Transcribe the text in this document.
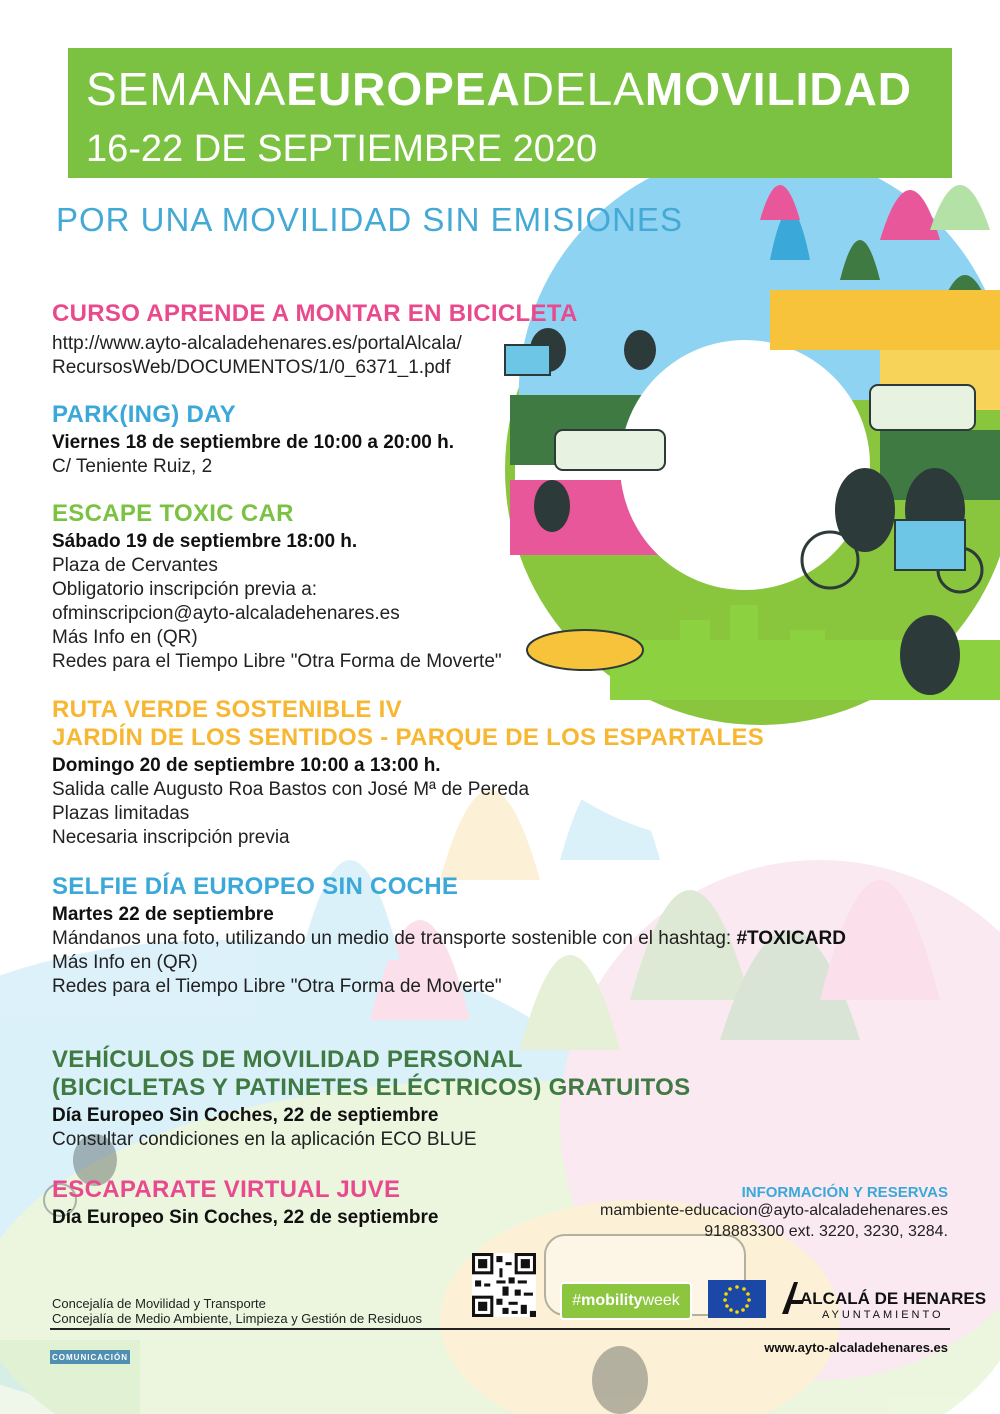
SEMANAEUROPEADELAMOVILIDAD
16-22 DE SEPTIEMBRE 2020
POR UNA MOVILIDAD SIN EMISIONES
CURSO APRENDE A MONTAR EN BICICLETA
http://www.ayto-alcaladehenares.es/portalAlcala/
RecursosWeb/DOCUMENTOS/1/0_6371_1.pdf
PARK(ING) DAY
Viernes 18 de septiembre de 10:00 a 20:00 h.
C/ Teniente Ruiz, 2
ESCAPE TOXIC CAR
Sábado 19 de septiembre 18:00 h.
Plaza de Cervantes
Obligatorio inscripción previa a:
ofminscripcion@ayto-alcaladehenares.es
Más Info en (QR)
Redes para el Tiempo Libre "Otra Forma de Moverte"
RUTA VERDE SOSTENIBLE IV
JARDÍN DE LOS SENTIDOS - PARQUE DE LOS ESPARTALES
Domingo 20 de septiembre 10:00 a 13:00 h.
Salida calle Augusto Roa Bastos con José Mª de Pereda
Plazas limitadas
Necesaria inscripción previa
SELFIE DÍA EUROPEO SIN COCHE
Martes 22 de septiembre
Mándanos una foto, utilizando un medio de transporte sostenible con el hashtag: #TOXICARD
Más Info en (QR)
Redes para el Tiempo Libre "Otra Forma de Moverte"
VEHÍCULOS DE MOVILIDAD PERSONAL
(BICICLETAS Y PATINETES ELÉCTRICOS) GRATUITOS
Día Europeo Sin Coches, 22 de septiembre
Consultar condiciones en la aplicación ECO BLUE
ESCAPARATE VIRTUAL JUVE
Día Europeo Sin Coches, 22 de septiembre
INFORMACIÓN Y RESERVAS
mambiente-educacion@ayto-alcaladehenares.es
918883300 ext. 3220, 3230, 3284.
Concejalía de Movilidad y Transporte
Concejalía de Medio Ambiente, Limpieza y Gestión de Residuos
# mobility week	ALCALÁ DE HENARES
AYUNTAMIENTO
COMUNICACIÓN
www.ayto-alcaladehenares.es
